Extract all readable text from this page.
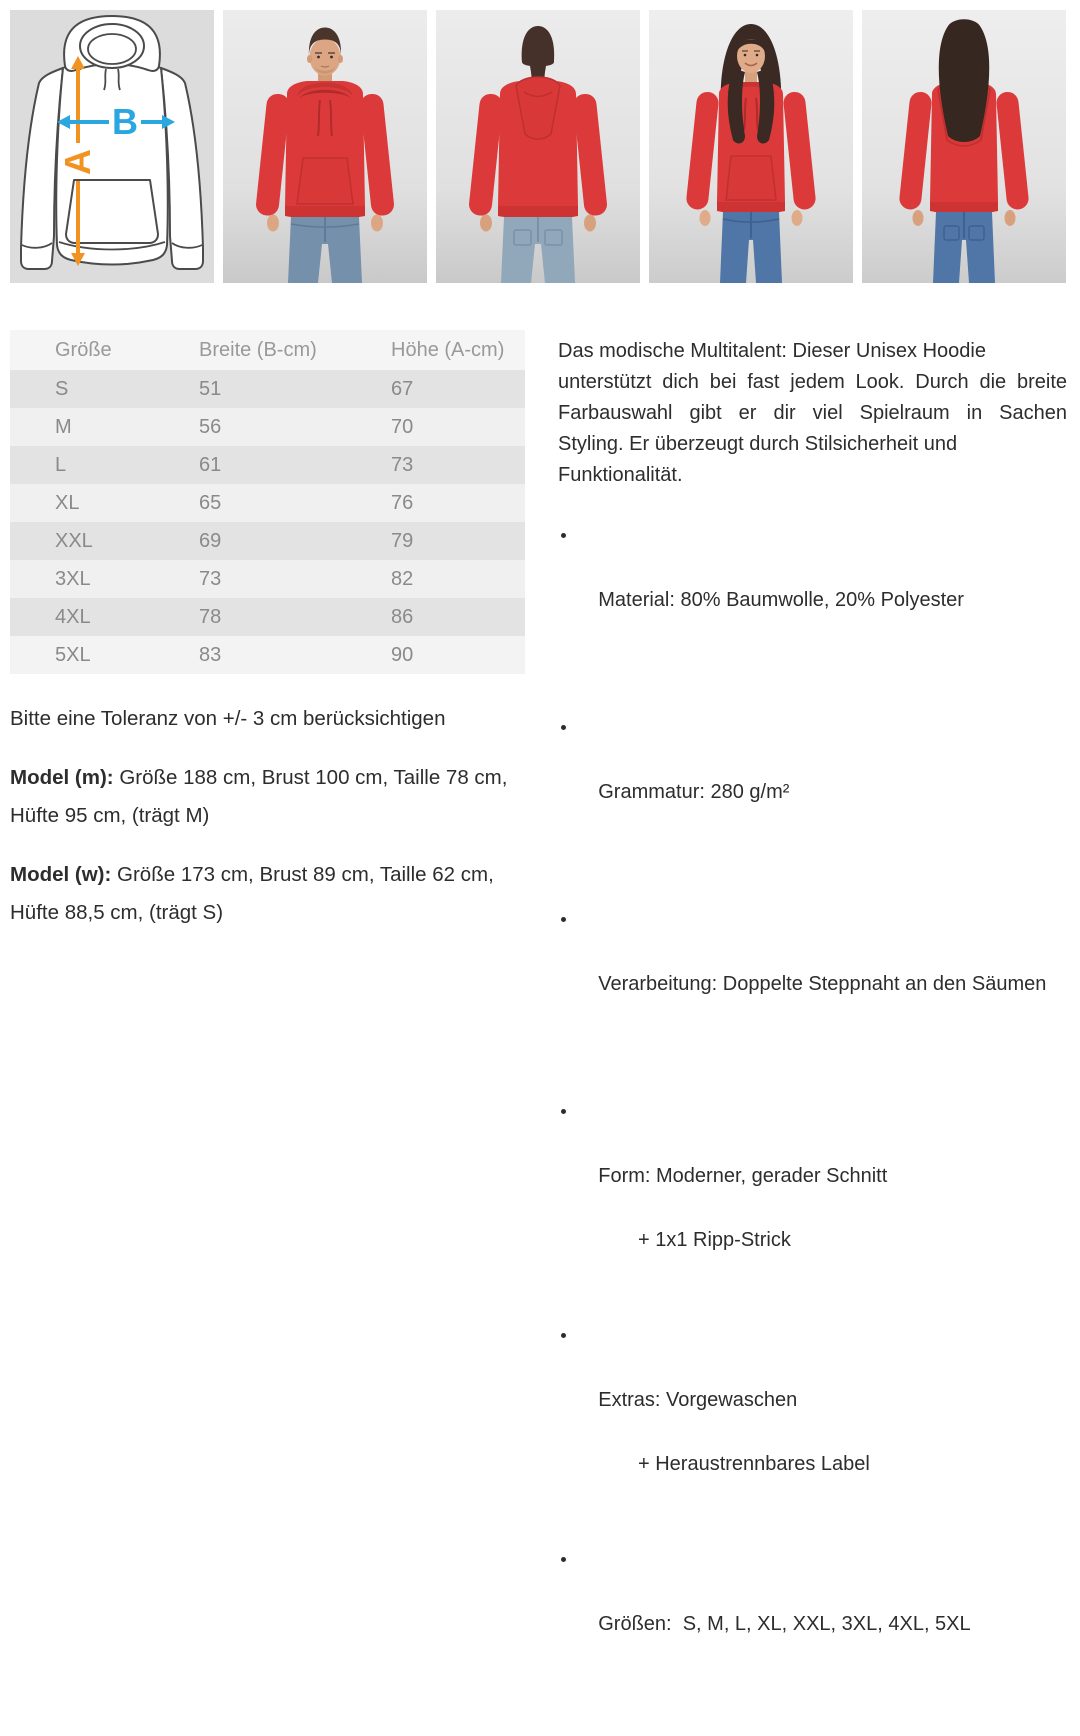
A
B
Größe	Breite (B-cm)	Höhe (A-cm)
S	51	67
M	56	70
L	61	73
XL	65	76
XXL	69	79
3XL	73	82
4XL	78	86
5XL	83	90

Bitte eine Toleranz von +/- 3 cm berücksichtigen

Model (m): Größe 188 cm, Brust 100 cm, Taille 78 cm, Hüfte 95 cm, (trägt M)

Model (w): Größe 173 cm, Brust 89 cm, Taille 62 cm, Hüfte 88,5 cm, (trägt S)

Das modische Multitalent: Dieser Unisex Hoodie
unterstützt dich bei fast jedem Look. Durch die breite
Farbauswahl gibt er dir viel Spielraum in Sachen
Styling. Er überzeugt durch Stilsicherheit und
Funktionalität.

Material: 80% Baumwolle, 20% Polyester

Grammatur: 280 g/m²

Verarbeitung: Doppelte Steppnaht an den Säumen

Form: Moderner, gerader Schnitt

+ 1x1 Ripp-Strick

Extras: Vorgewaschen

+ Heraustrennbares Label

Größen:  S, M, L, XL, XXL, 3XL, 4XL, 5XL
